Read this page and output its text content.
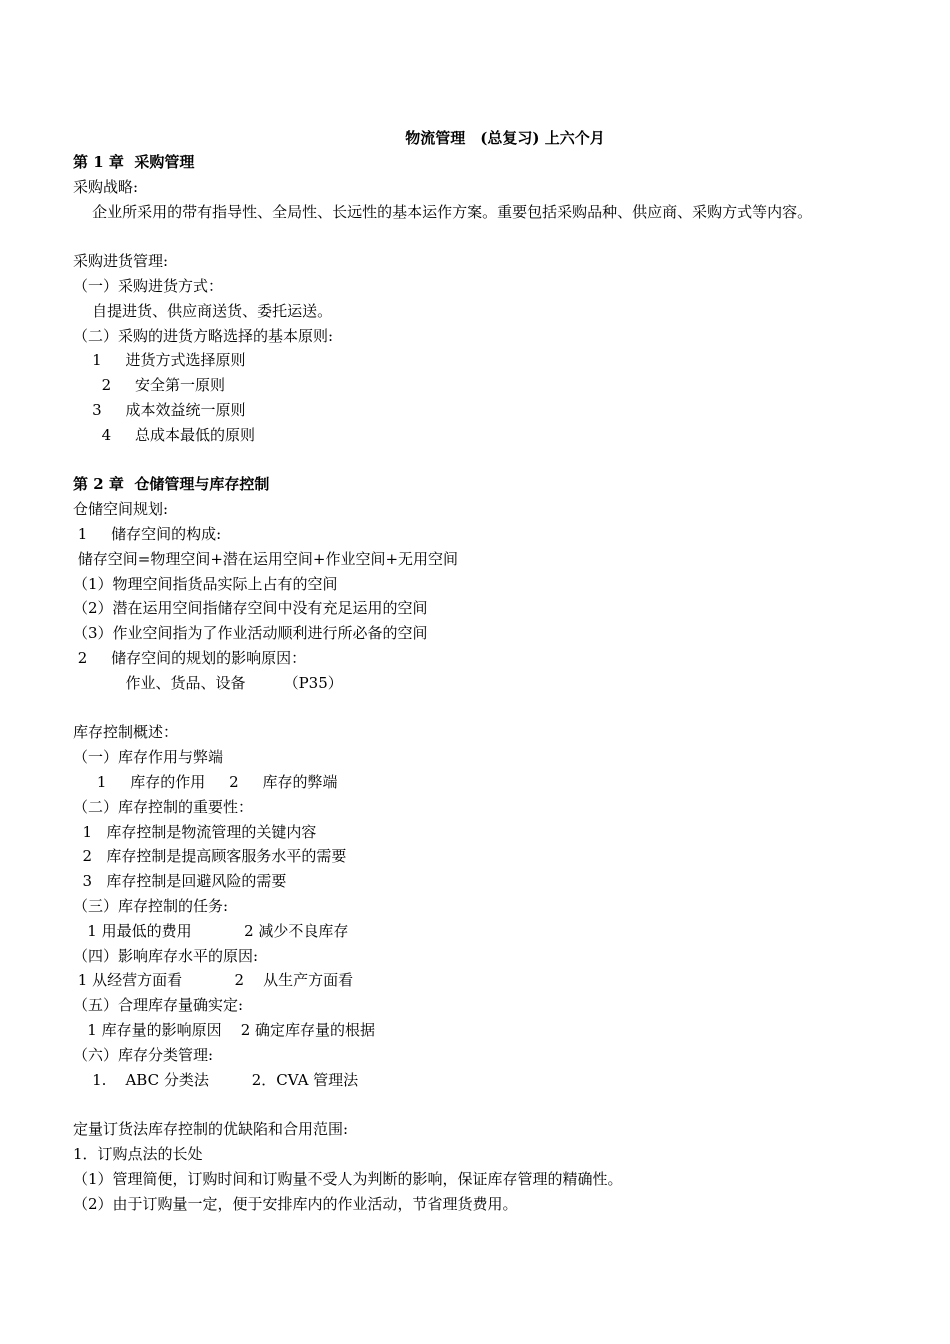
物流管理　(总复习) 上六个月
第 1 章  采购管理
采购战略:
企业所采用的带有指导性、全局性、长远性的基本运作方案。重要包括采购品种、供应商、采购方式等内容。
采购进货管理:
（一）采购进货方式：
自提进货、供应商送货、委托运送。
（二）采购的进货方略选择的基本原则:
1     进货方式选择原则
2     安全第一原则
3     成本效益统一原则
4     总成本最低的原则
第 2 章  仓储管理与库存控制
仓储空间规划:
1     储存空间的构成:
储存空间=物理空间+潜在运用空间+作业空间+无用空间
（1）物理空间指货品实际上占有的空间
（2）潜在运用空间指储存空间中没有充足运用的空间
（3）作业空间指为了作业活动顺利进行所必备的空间
2     储存空间的规划的影响原因：
作业、货品、设备        （P35）
库存控制概述：
（一）库存作用与弊端
1     库存的作用     2     库存的弊端
（二）库存控制的重要性：
1   库存控制是物流管理的关键内容
2   库存控制是提高顾客服务水平的需要
3   库存控制是回避风险的需要
（三）库存控制的任务:
1 用最低的费用           2 减少不良库存
（四）影响库存水平的原因:
1 从经营方面看           2    从生产方面看
（五）合理库存量确实定:
1 库存量的影响原因    2 确定库存量的根据
（六）库存分类管理:
1.    ABC 分类法         2．CVA 管理法
定量订货法库存控制的优缺陷和合用范围:
1．订购点法的长处
（1）管理简便，订购时间和订购量不受人为判断的影响，保证库存管理的精确性。
（2）由于订购量一定，便于安排库内的作业活动，节省理货费用。
